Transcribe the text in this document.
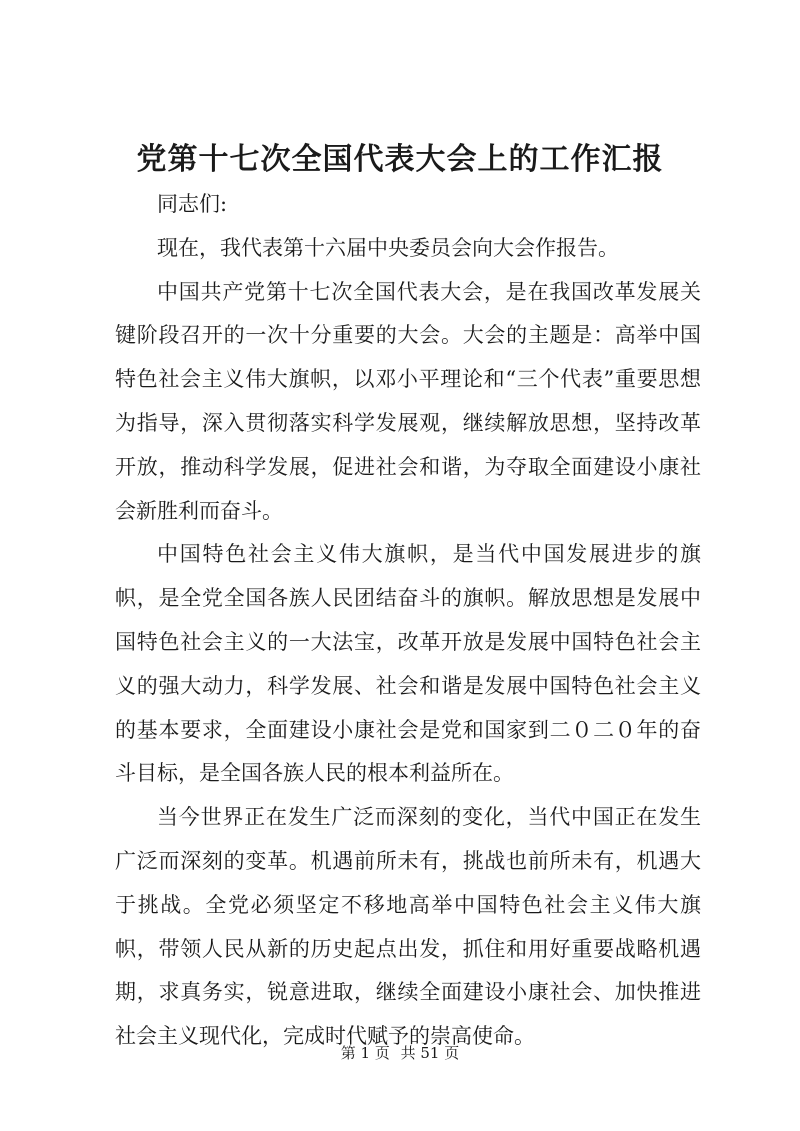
党第十七次全国代表大会上的工作汇报

同志们:

现在，我代表第十六届中央委员会向大会作报告。

中国共产党第十七次全国代表大会，是在我国改革发展关键阶段召开的一次十分重要的大会。大会的主题是：高举中国特色社会主义伟大旗帜，以邓小平理论和“三个代表”重要思想为指导，深入贯彻落实科学发展观，继续解放思想，坚持改革开放，推动科学发展，促进社会和谐，为夺取全面建设小康社会新胜利而奋斗。

中国特色社会主义伟大旗帜，是当代中国发展进步的旗帜，是全党全国各族人民团结奋斗的旗帜。解放思想是发展中国特色社会主义的一大法宝，改革开放是发展中国特色社会主义的强大动力，科学发展、社会和谐是发展中国特色社会主义的基本要求，全面建设小康社会是党和国家到二０二０年的奋斗目标，是全国各族人民的根本利益所在。

当今世界正在发生广泛而深刻的变化，当代中国正在发生广泛而深刻的变革。机遇前所未有，挑战也前所未有，机遇大于挑战。全党必须坚定不移地高举中国特色社会主义伟大旗帜，带领人民从新的历史起点出发，抓住和用好重要战略机遇期，求真务实，锐意进取，继续全面建设小康社会、加快推进社会主义现代化，完成时代赋予的崇高使命。

第 1 页 共 51 页
